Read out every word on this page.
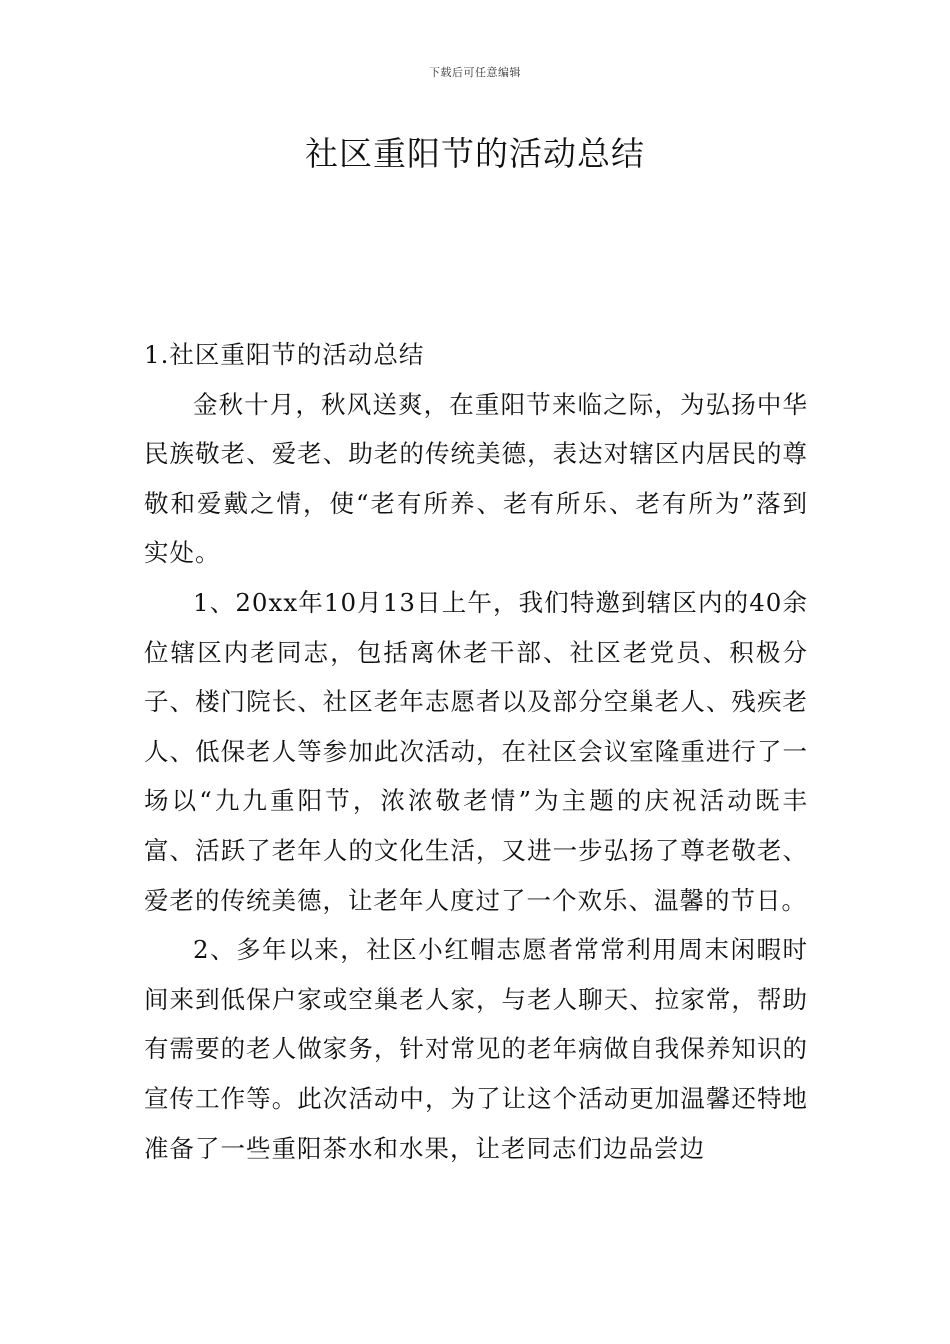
下载后可任意编辑
社区重阳节的活动总结

1.社区重阳节的活动总结

金秋十月，秋风送爽，在重阳节来临之际，为弘扬中华民族敬老、爱老、助老的传统美德，表达对辖区内居民的尊敬和爱戴之情，使“老有所养、老有所乐、老有所为”落到实处。

1、20xx年10月13日上午，我们特邀到辖区内的40余位辖区内老同志，包括离休老干部、社区老党员、积极分子、楼门院长、社区老年志愿者以及部分空巢老人、残疾老人、低保老人等参加此次活动，在社区会议室隆重进行了一场以“九九重阳节，浓浓敬老情”为主题的庆祝活动既丰富、活跃了老年人的文化生活，又进一步弘扬了尊老敬老、爱老的传统美德，让老年人度过了一个欢乐、温馨的节日。

2、多年以来，社区小红帽志愿者常常利用周末闲暇时间来到低保户家或空巢老人家，与老人聊天、拉家常，帮助有需要的老人做家务，针对常见的老年病做自我保养知识的宣传工作等。此次活动中，为了让这个活动更加温馨还特地准备了一些重阳茶水和水果，让老同志们边品尝边
